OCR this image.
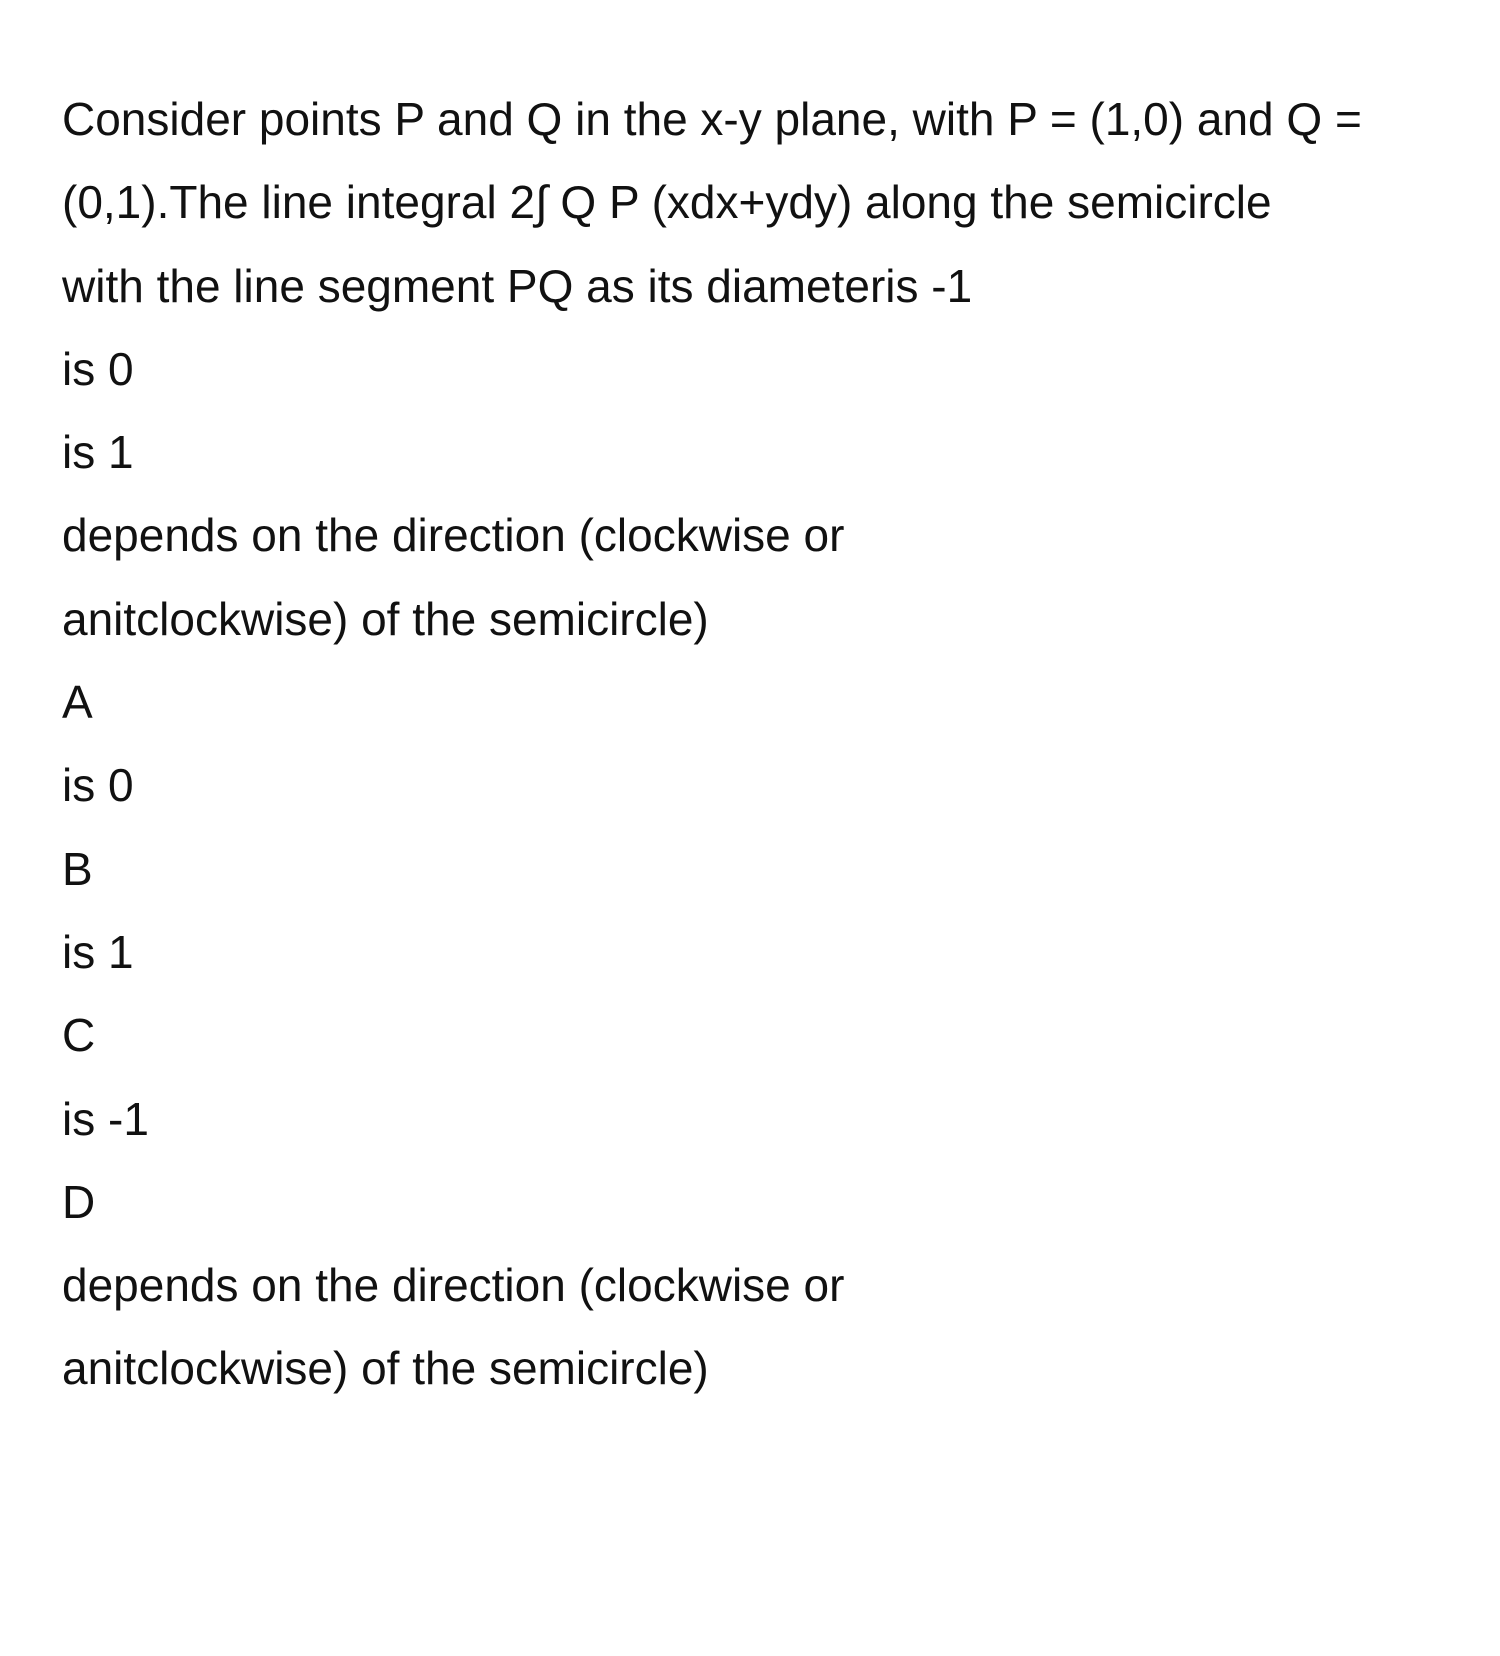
Consider points P and Q in the x-y plane, with P = (1,0) and Q = (0,1).The line integral 2∫ Q P (xdx+ydy) along the semicircle with the line segment PQ as its diameteris -1

is 0

is 1

depends on the direction (clockwise or anitclockwise) of the semicircle)

A

is 0

B

is 1

C

is -1

D

depends on the direction (clockwise or anitclockwise) of the semicircle)
